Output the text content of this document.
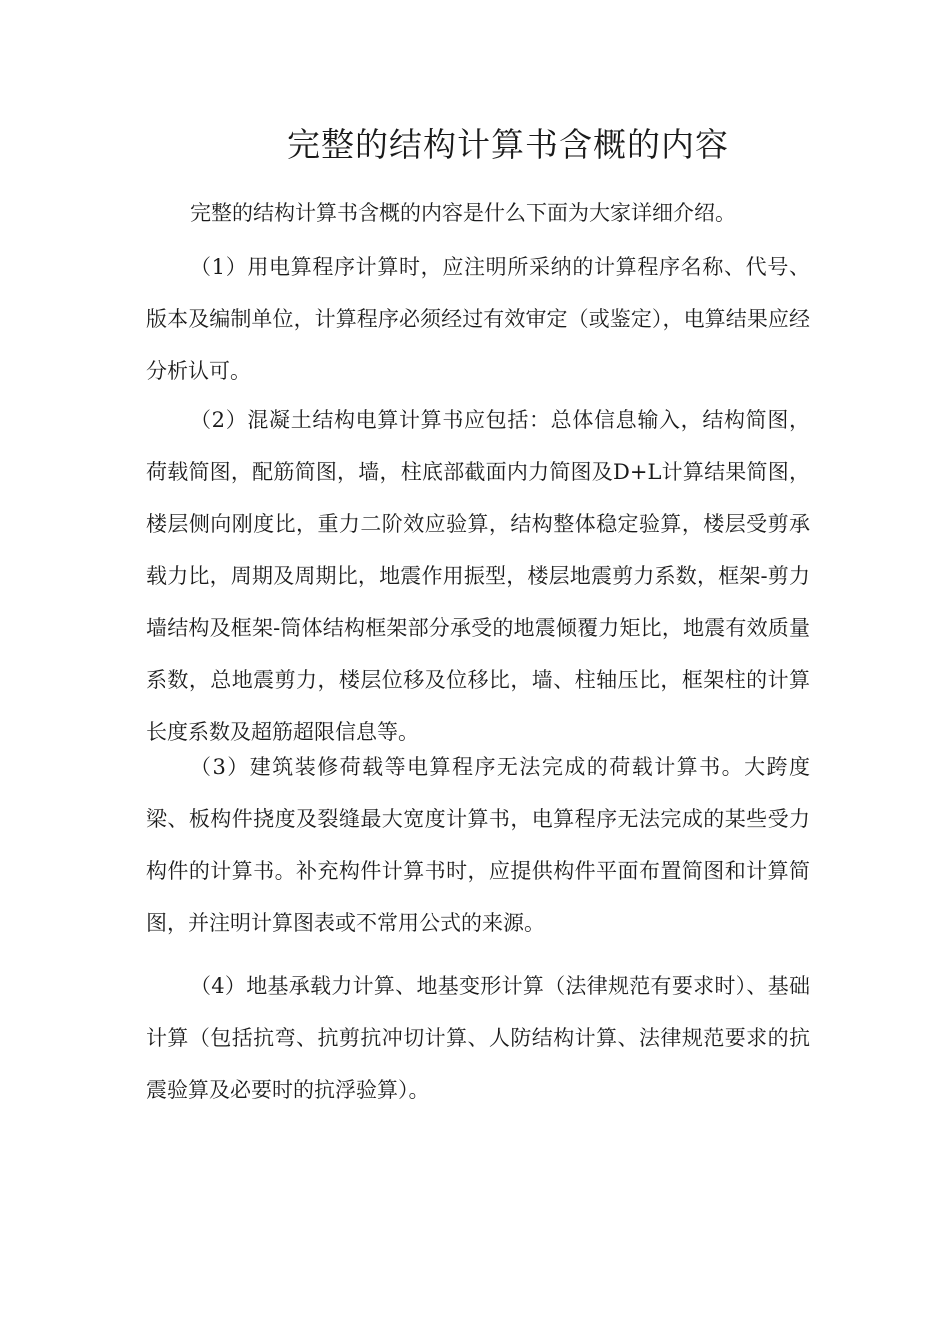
完整的结构计算书含概的内容

完整的结构计算书含概的内容是什么下面为大家详细介绍。

（1）用电算程序计算时，应注明所采纳的计算程序名称、代号、版本及编制单位，计算程序必须经过有效审定（或鉴定），电算结果应经分析认可。

（2）混凝土结构电算计算书应包括：总体信息输入，结构简图，荷载简图，配筋简图，墙，柱底部截面内力简图及D+L计算结果简图，楼层侧向刚度比，重力二阶效应验算，结构整体稳定验算，楼层受剪承载力比，周期及周期比，地震作用振型，楼层地震剪力系数，框架-剪力墙结构及框架-筒体结构框架部分承受的地震倾覆力矩比，地震有效质量系数，总地震剪力，楼层位移及位移比，墙、柱轴压比，框架柱的计算长度系数及超筋超限信息等。

（3）建筑装修荷载等电算程序无法完成的荷载计算书。大跨度梁、板构件挠度及裂缝最大宽度计算书，电算程序无法完成的某些受力构件的计算书。补充构件计算书时，应提供构件平面布置简图和计算简图，并注明计算图表或不常用公式的来源。

（4）地基承载力计算、地基变形计算（法律规范有要求时）、基础计算（包括抗弯、抗剪抗冲切计算、人防结构计算、法律规范要求的抗震验算及必要时的抗浮验算）。
